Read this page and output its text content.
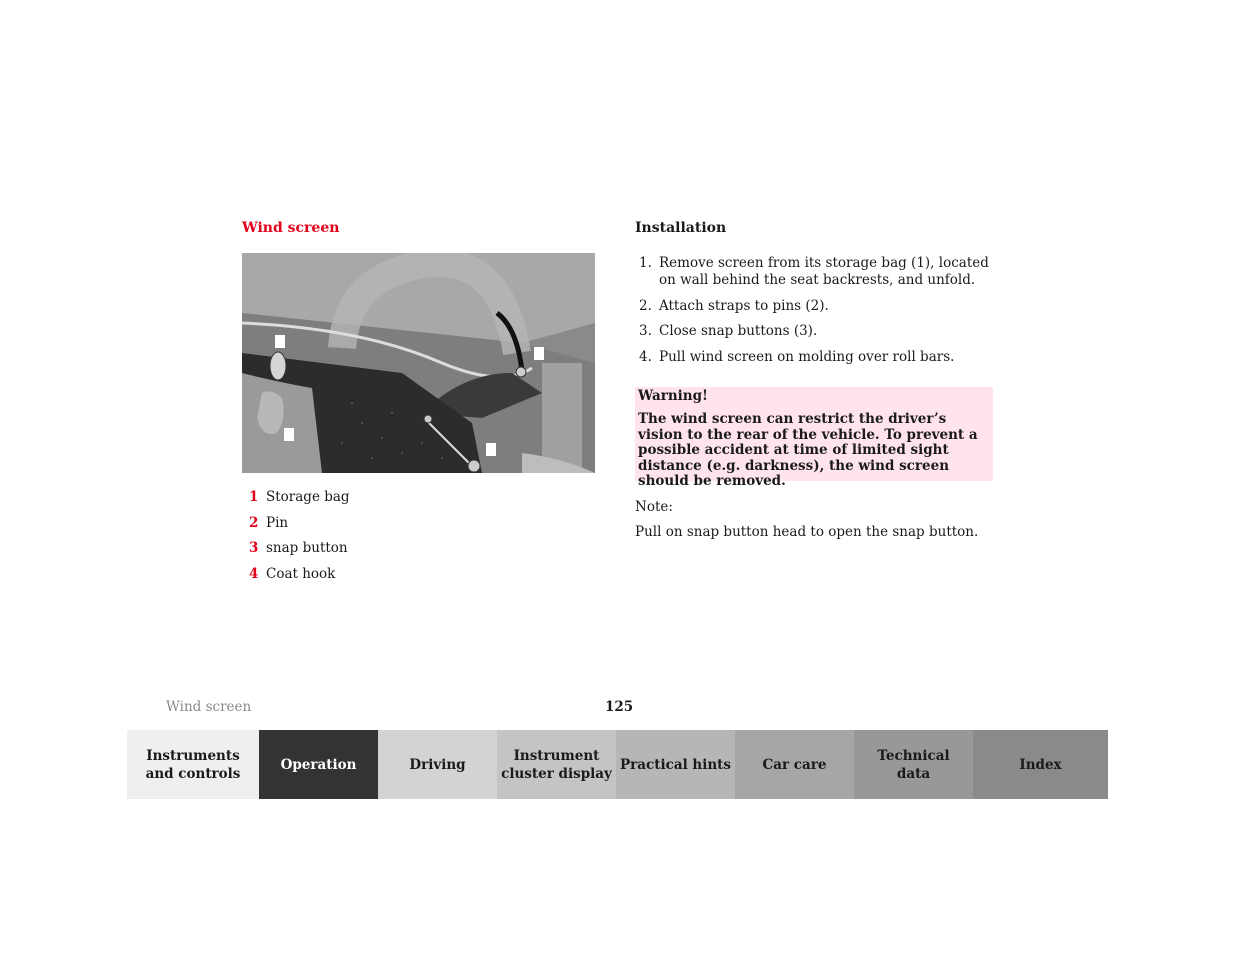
Wind screen
1 Storage bag
2 Pin
3 snap button
4 Coat hook
Installation
1. Remove screen from its storage bag (1), located on wall behind the seat backrests, and unfold.
2. Attach straps to pins (2).
3. Close snap buttons (3).
4. Pull wind screen on molding over roll bars.
Warning!
The wind screen can restrict the driver’s vision to the rear of the vehicle. To prevent a possible accident at time of limited sight distance (e.g. darkness), the wind screen should be removed.
Note:
Pull on snap button head to open the snap button.
Wind screen	125
Instruments
and controls
Operation	Driving
Instrument
cluster display
Practical hints	Car care
Technical
data
Index
